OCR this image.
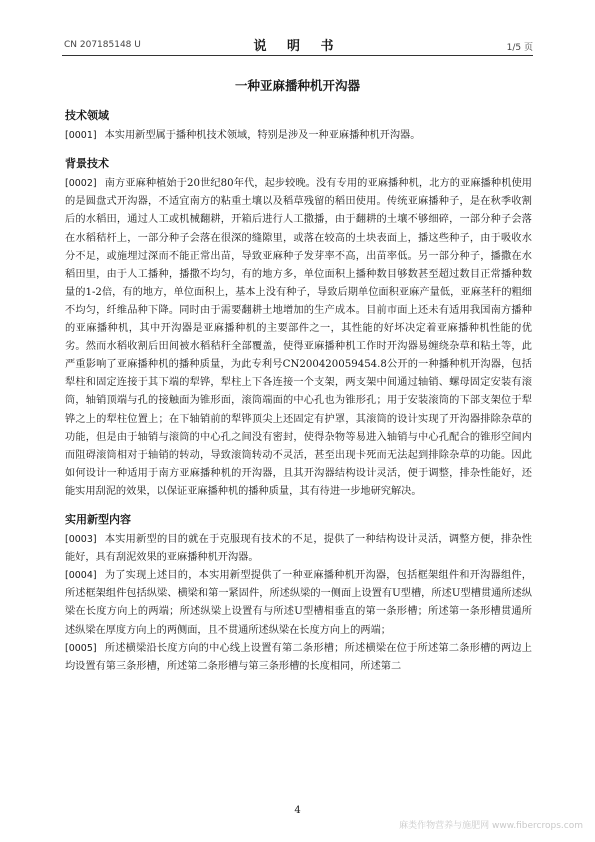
CN 207185148 U	说 明 书	1/5 页
一种亚麻播种机开沟器

技术领域

[0001] 本实用新型属于播种机技术领域，特别是涉及一种亚麻播种机开沟器。

背景技术

[0002] 南方亚麻种植始于20世纪80年代，起步较晚。没有专用的亚麻播种机，北方的亚麻播种机使用的是圆盘式开沟器，不适宜南方的粘重土壤以及稻草残留的稻田使用。传统亚麻播种子，是在秋季收割后的水稻田，通过人工或机械翻耕，开箱后进行人工撒播，由于翻耕的土壤不够细碎，一部分种子会落在水稻秸杆上，一部分种子会落在很深的缝隙里，或落在较高的土块表面上，播这些种子，由于吸收水分不足，或施埋过深而不能正常出苗，导致亚麻种子发芽率不高，出苗率低。另一部分种子，播撒在水稻田里，由于人工播种，播撒不均匀，有的地方多，单位面积上播种数目够数甚至超过数目正常播种数量的1-2倍，有的地方，单位面积上，基本上没有种子，导致后期单位面积亚麻产量低，亚麻茎秆的粗细不均匀，纤维品种下降。同时由于需要翻耕土地增加的生产成本。目前市面上还未有适用我国南方播种的亚麻播种机，其中开沟器是亚麻播种机的主要部件之一，其性能的好坏决定着亚麻播种机性能的优劣。然而水稻收割后田间被水稻秸秆全部覆盖，使得亚麻播种机工作时开沟器易缠绕杂草和粘土等，此严重影响了亚麻播种机的播种质量，为此专利号CN200420059454.8公开的一种播种机开沟器，包括犁柱和固定连接于其下端的犁铧，犁柱上下各连接一个支架，两支架中间通过轴销、螺母固定安装有滚筒，轴销顶端与孔的接触面为锥形面，滚筒端面的中心孔也为锥形孔；用于安装滚筒的下部支架位于犁铧之上的犁柱位置上；在下轴销前的犁铧顶尖上还固定有护罩，其滚筒的设计实现了开沟器排除杂草的功能，但是由于轴销与滚筒的中心孔之间没有密封，使得杂物等易进入轴销与中心孔配合的锥形空间内而阻碍滚筒相对于轴销的转动，导致滚筒转动不灵活，甚至出现卡死而无法起到排除杂草的功能。因此如何设计一种适用于南方亚麻播种机的开沟器，且其开沟器结构设计灵活，便于调整，排杂性能好，还能实用刮泥的效果，以保证亚麻播种机的播种质量，其有待进一步地研究解决。

实用新型内容

[0003] 本实用新型的目的就在于克服现有技术的不足，提供了一种结构设计灵活，调整方便，排杂性能好，具有刮泥效果的亚麻播种机开沟器。

[0004] 为了实现上述目的，本实用新型提供了一种亚麻播种机开沟器，包括框架组件和开沟器组件，所述框架组件包括纵梁、横梁和第一紧固件，所述纵梁的一侧面上设置有U型槽，所述U型槽贯通所述纵梁在长度方向上的两端；所述纵梁上设置有与所述U型槽相垂直的第一条形槽；所述第一条形槽贯通所述纵梁在厚度方向上的两侧面，且不贯通所述纵梁在长度方向上的两端；

[0005] 所述横梁沿长度方向的中心线上设置有第二条形槽；所述横梁在位于所述第二条形槽的两边上均设置有第三条形槽，所述第二条形槽与第三条形槽的长度相同，所述第二

4
麻类作物营养与施肥网 www.fibercrops.com
